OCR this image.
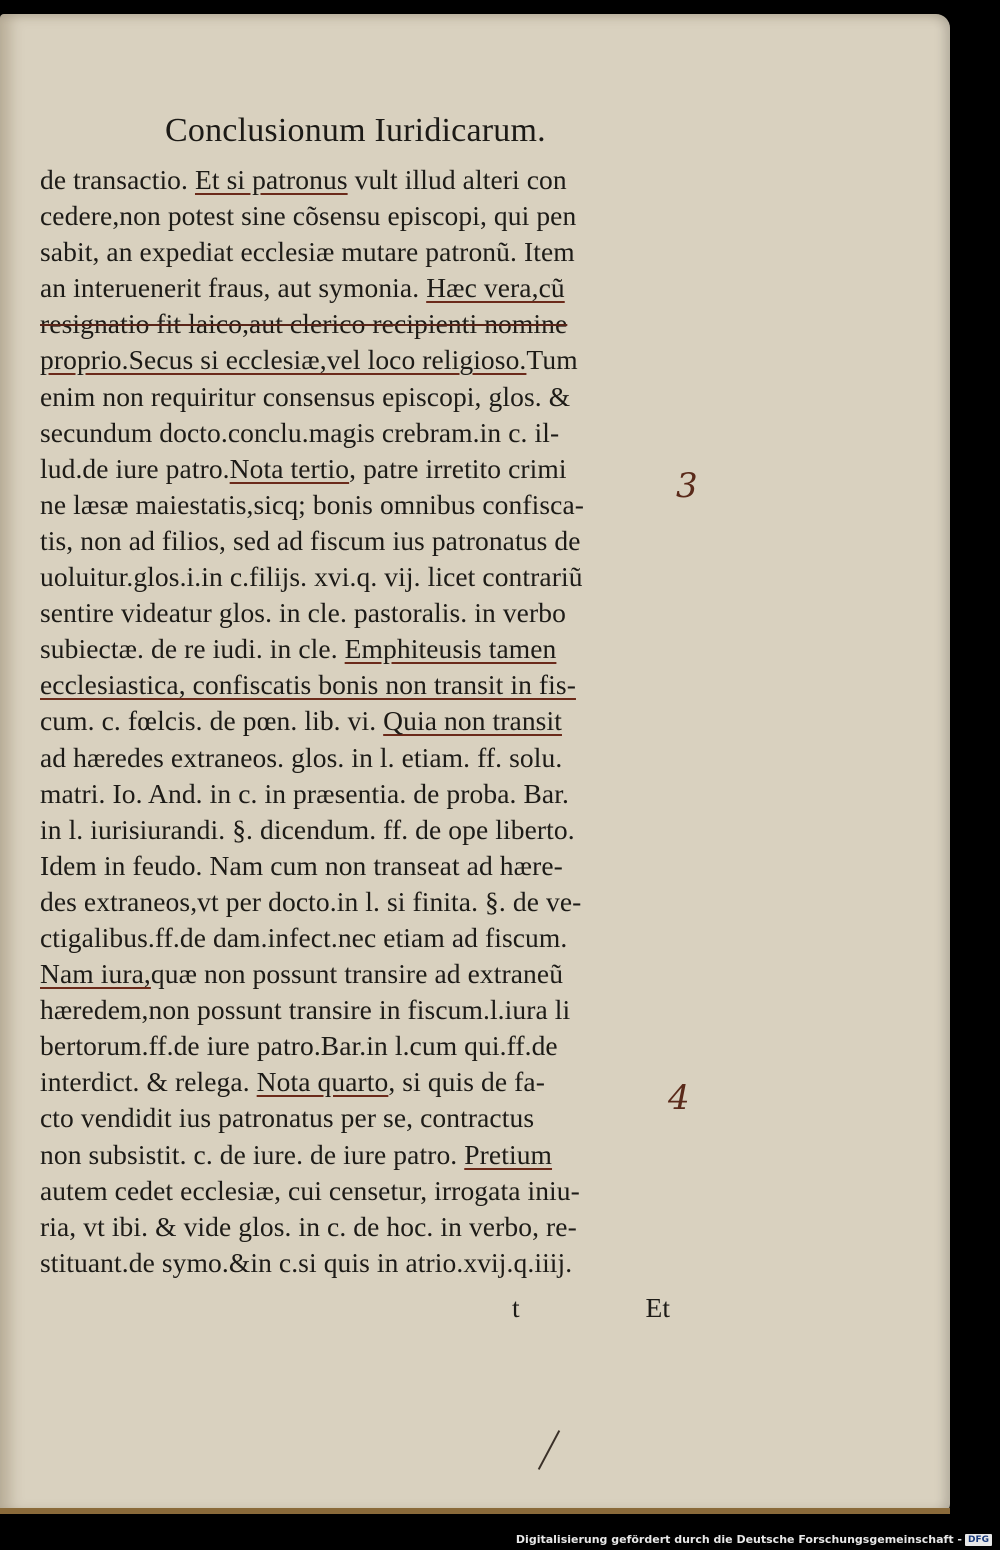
Conclusionum Iuridicarum.
de transactio. Et si patronus vult illud alteri con
cedere,non potest sine cõsensu episcopi, qui pen
sabit, an expediat ecclesiæ mutare patronũ. Item
an interuenerit fraus, aut symonia. Hæc vera,cũ
resignatio fit laico,aut clerico recipienti nomine
proprio.Secus si ecclesiæ,vel loco religioso.Tum
enim non requiritur consensus episcopi, glos. &
secundum docto.conclu.magis crebram.in c. il-
lud.de iure patro.Nota tertio, patre irretito crimi
ne læsæ maiestatis,sicq; bonis omnibus confisca-
tis, non ad filios, sed ad fiscum ius patronatus de
uoluitur.glos.i.in c.filijs. xvi.q. vij. licet contrariũ
sentire videatur glos. in cle. pastoralis. in verbo
subiectæ. de re iudi. in cle. Emphiteusis tamen
ecclesiastica, confiscatis bonis non transit in fis-
cum. c. fœlcis. de pœn. lib. vi. Quia non transit
ad hæredes extraneos. glos. in l. etiam. ff. solu.
matri. Io. And. in c. in præsentia. de proba. Bar.
in l. iurisiurandi. §. dicendum. ff. de ope liberto.
Idem in feudo. Nam cum non transeat ad hære-
des extraneos,vt per docto.in l. si finita. §. de ve-
ctigalibus.ff.de dam.infect.nec etiam ad fiscum.
Nam iura,quæ non possunt transire ad extraneũ
hæredem,non possunt transire in fiscum.l.iura li
bertorum.ff.de iure patro.Bar.in l.cum qui.ff.de
interdict. & relega. Nota quarto, si quis de fa-
cto vendidit ius patronatus per se, contractus
non subsistit. c. de iure. de iure patro. Pretium
autem cedet ecclesiæ, cui censetur, irrogata iniu-
ria, vt ibi. & vide glos. in c. de hoc. in verbo, re-
stituant.de symo.&in c.si quis in atrio.xvij.q.iiij.
t	Et
3
4
Digitalisierung gefördert durch die Deutsche Forschungsgemeinschaft - DFG
